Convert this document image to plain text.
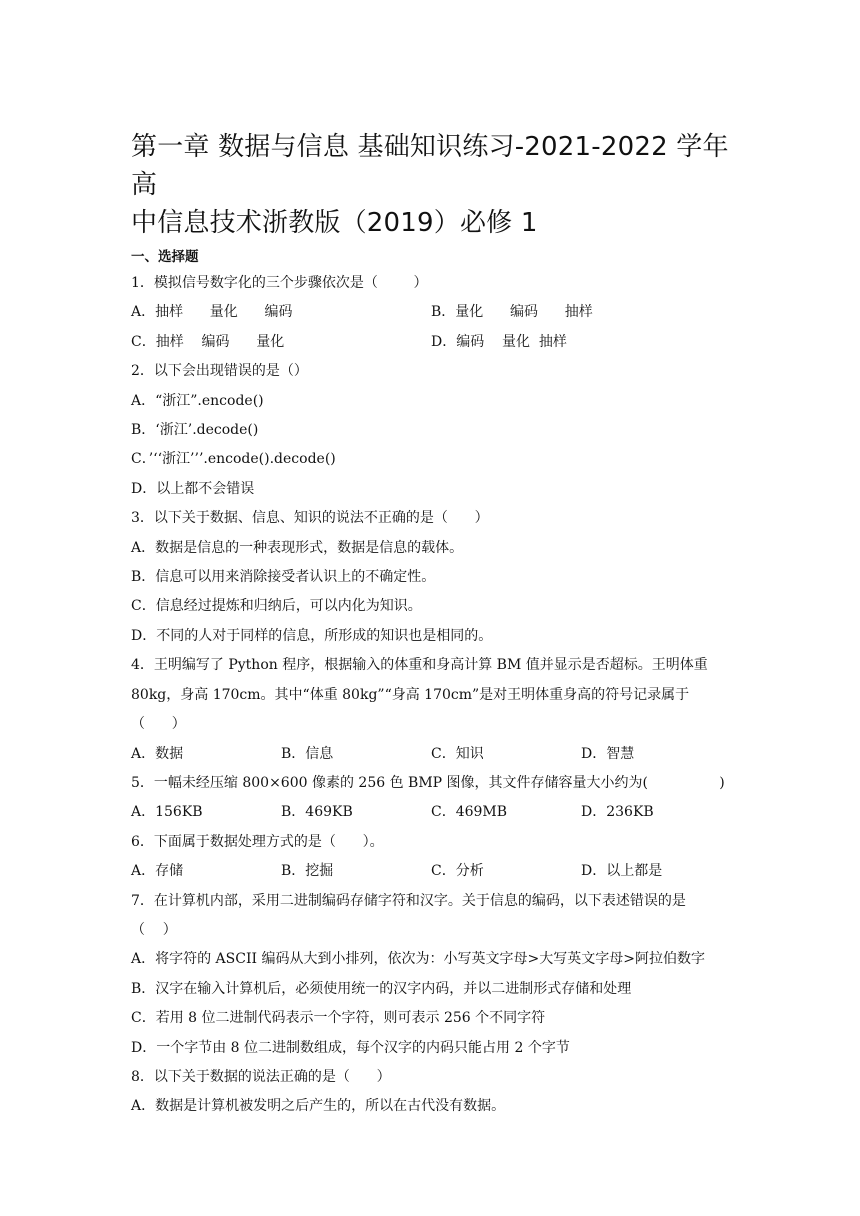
第一章 数据与信息 基础知识练习-2021-2022 学年高
中信息技术浙教版（2019）必修 1
一、选择题
1．模拟信号数字化的三个步骤依次是（        ）
A．抽样      量化      编码	B．量化      编码      抽样
C．抽样    编码      量化	D．编码    量化  抽样
2．以下会出现错误的是（）
A．“浙江”.encode()
B．‘浙江’.decode()
C．’‘‘浙江’’’.encode().decode()
D．以上都不会错误
3．以下关于数据、信息、知识的说法不正确的是（      ）
A．数据是信息的一种表现形式，数据是信息的载体。
B．信息可以用来消除接受者认识上的不确定性。
C．信息经过提炼和归纳后，可以内化为知识。
D．不同的人对于同样的信息，所形成的知识也是相同的。
4．王明编写了 Python 程序，根据输入的体重和身高计算 BM 值并显示是否超标。王明体重
80kg，身高 170cm。其中“体重 80kg”“身高 170cm”是对王明体重身高的符号记录属于
（      ）
A．数据	B．信息	C．知识	D．智慧
5．一幅未经压缩 800×600 像素的 256 色 BMP 图像，其文件存储容量大小约为(                )
A．156KB	B．469KB	C．469MB	D．236KB
6．下面属于数据处理方式的是（      ）。
A．存储	B．挖掘	C．分析	D．以上都是
7．在计算机内部，采用二进制编码存储字符和汉字。关于信息的编码，以下表述错误的是
（    ）
A．将字符的 ASCII 编码从大到小排列，依次为：小写英文字母>大写英文字母>阿拉伯数字
B．汉字在输入计算机后，必须使用统一的汉字内码，并以二进制形式存储和处理
C．若用 8 位二进制代码表示一个字符，则可表示 256 个不同字符
D．一个字节由 8 位二进制数组成，每个汉字的内码只能占用 2 个字节
8．以下关于数据的说法正确的是（      ）
A．数据是计算机被发明之后产生的，所以在古代没有数据。
